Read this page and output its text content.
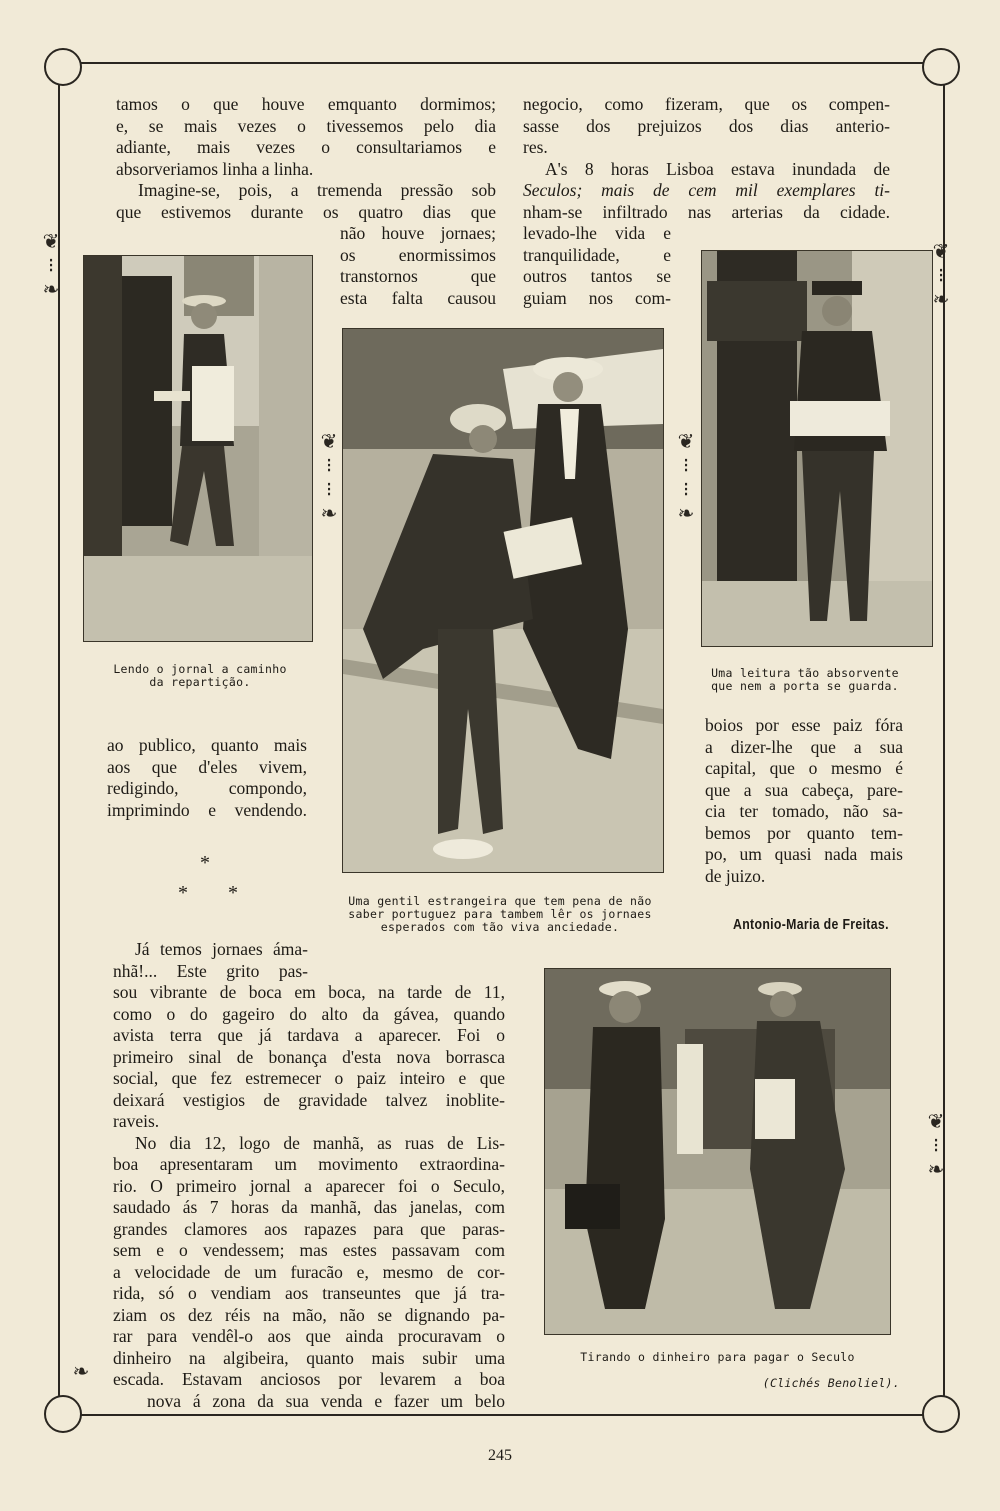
❦
⁝
❧
❦
⁝
❧
❦
⁝
⁝
❧
❦
⁝
⁝
❧
❦
⁝
❧
❧

tamos o que houve emquanto dormimos;

e, se mais vezes o tivessemos pelo dia

adiante, mais vezes o consultariamos e

absorveriamos linha a linha.

Imagine-se, pois, a tremenda pressão sob

que estivemos durante os quatro dias que

negocio, como fizeram, que os compen-

sasse dos prejuizos dos dias anterio-

res.

A's 8 horas Lisboa estava inundada de

Seculos; mais de cem mil exemplares ti-

nham-se infiltrado nas arterias da cidade.

não houve jornaes;

os enormissimos

transtornos que

esta falta causou

levado-lhe vida e

tranquilidade, e

outros tantos se

guiam nos com-

Lendo o jornal a caminho
da repartição.
Uma gentil estrangeira que tem pena de não
saber portuguez para tambem lêr os jornaes
esperados com tão viva anciedade.
Uma leitura tão absorvente
que nem a porta se guarda.

ao publico, quanto mais

aos que d'eles vivem,

redigindo, compondo,

imprimindo e vendendo.

boios por esse paiz fóra

a dizer-lhe que a sua

capital, que o mesmo é

que a sua cabeça, pare-

cia ter tomado, não sa-

bemos por quanto tem-

po, um quasi nada mais

de juizo.

Antonio-Maria de Freitas.
*
* *

Já temos jornaes áma-

nhã!... Este grito pas-

sou vibrante de boca em boca, na tarde de 11,

como o do gageiro do alto da gávea, quando

avista terra que já tardava a aparecer. Foi o

primeiro sinal de bonança d'esta nova borrasca

social, que fez estremecer o paiz inteiro e que

deixará vestigios de gravidade talvez inoblite-

raveis.

No dia 12, logo de manhã, as ruas de Lis-

boa apresentaram um movimento extraordina-

rio. O primeiro jornal a aparecer foi o Seculo,

saudado ás 7 horas da manhã, das janelas, com

grandes clamores aos rapazes para que paras-

sem e o vendessem; mas estes passavam com

a velocidade de um furacão e, mesmo de cor-

rida, só o vendiam aos transeuntes que já tra-

ziam os dez réis na mão, não se dignando pa-

rar para vendêl-o aos que ainda procuravam o

dinheiro na algibeira, quanto mais subir uma

escada. Estavam anciosos por levarem a boa

nova á zona da sua venda e fazer um belo

Tirando o dinheiro para pagar o Seculo
(Clichés Benoliel).
245
